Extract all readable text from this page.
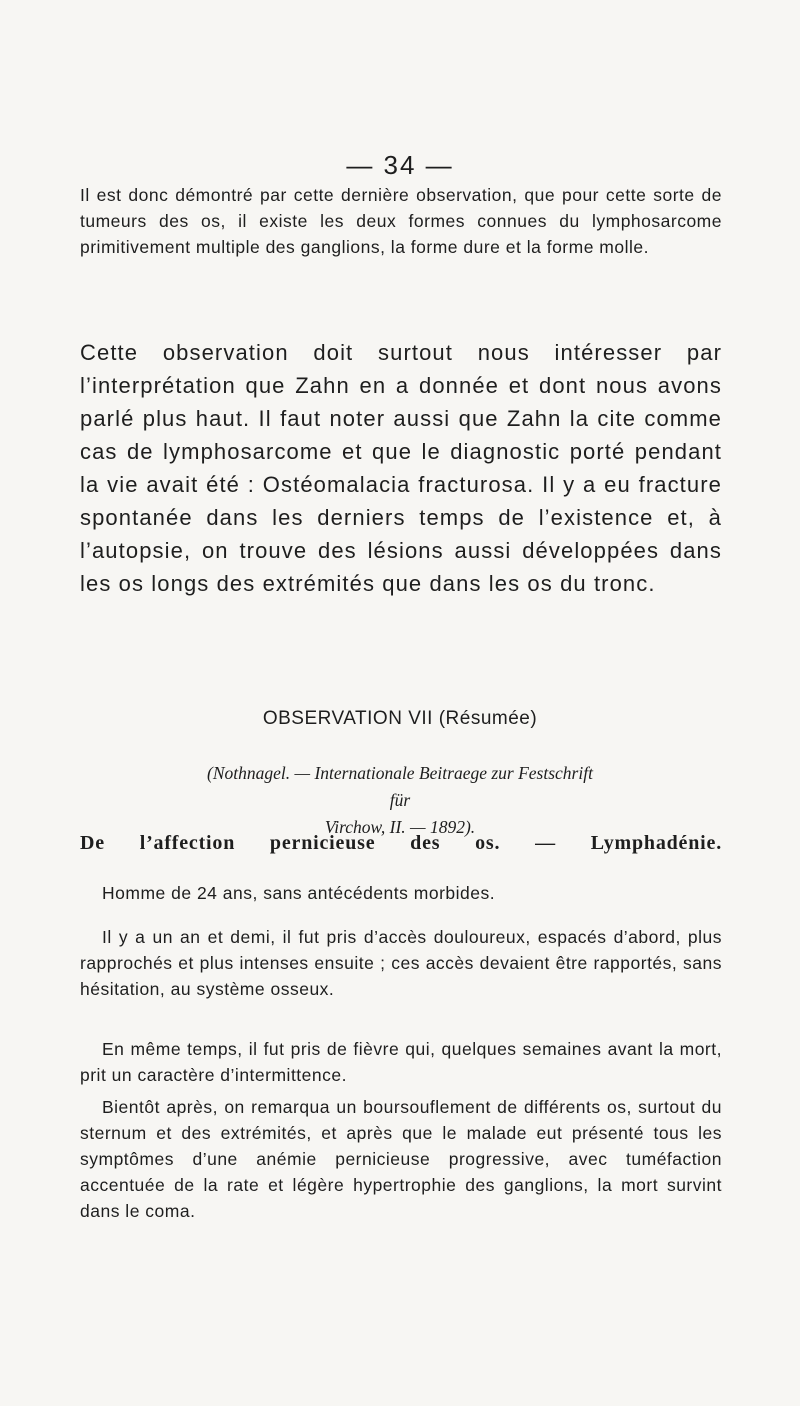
— 34 —

Il est donc démontré par cette dernière observation, que pour cette sorte de tumeurs des os, il existe les deux formes connues du lymphosarcome primitivement multiple des ganglions, la forme dure et la forme molle.

Cette observation doit surtout nous intéresser par l’interprétation que Zahn en a donnée et dont nous avons parlé plus haut. Il faut noter aussi que Zahn la cite comme cas de lymphosarcome et que le diagnostic porté pendant la vie avait été : Ostéomalacia fracturosa. Il y a eu fracture spontanée dans les derniers temps de l’existence et, à l’autopsie, on trouve des lésions aussi développées dans les os longs des extrémités que dans les os du tronc.

OBSERVATION VII (Résumée)

(Nothnagel. — Internationale Beitraege zur Festschrift für
Virchow, II. — 1892).

De l’affection pernicieuse des os. — Lymphadénie.

Homme de 24 ans, sans antécédents morbides.

Il y a un an et demi, il fut pris d’accès douloureux, espacés d’abord, plus rapprochés et plus intenses ensuite ; ces accès devaient être rapportés, sans hésitation, au système osseux.

En même temps, il fut pris de fièvre qui, quelques semaines avant la mort, prit un caractère d’intermittence.

Bientôt après, on remarqua un boursouflement de différents os, surtout du sternum et des extrémités, et après que le malade eut présenté tous les symptômes d’une anémie pernicieuse progressive, avec tuméfaction accentuée de la rate et légère hypertrophie des ganglions, la mort survint dans le coma.
